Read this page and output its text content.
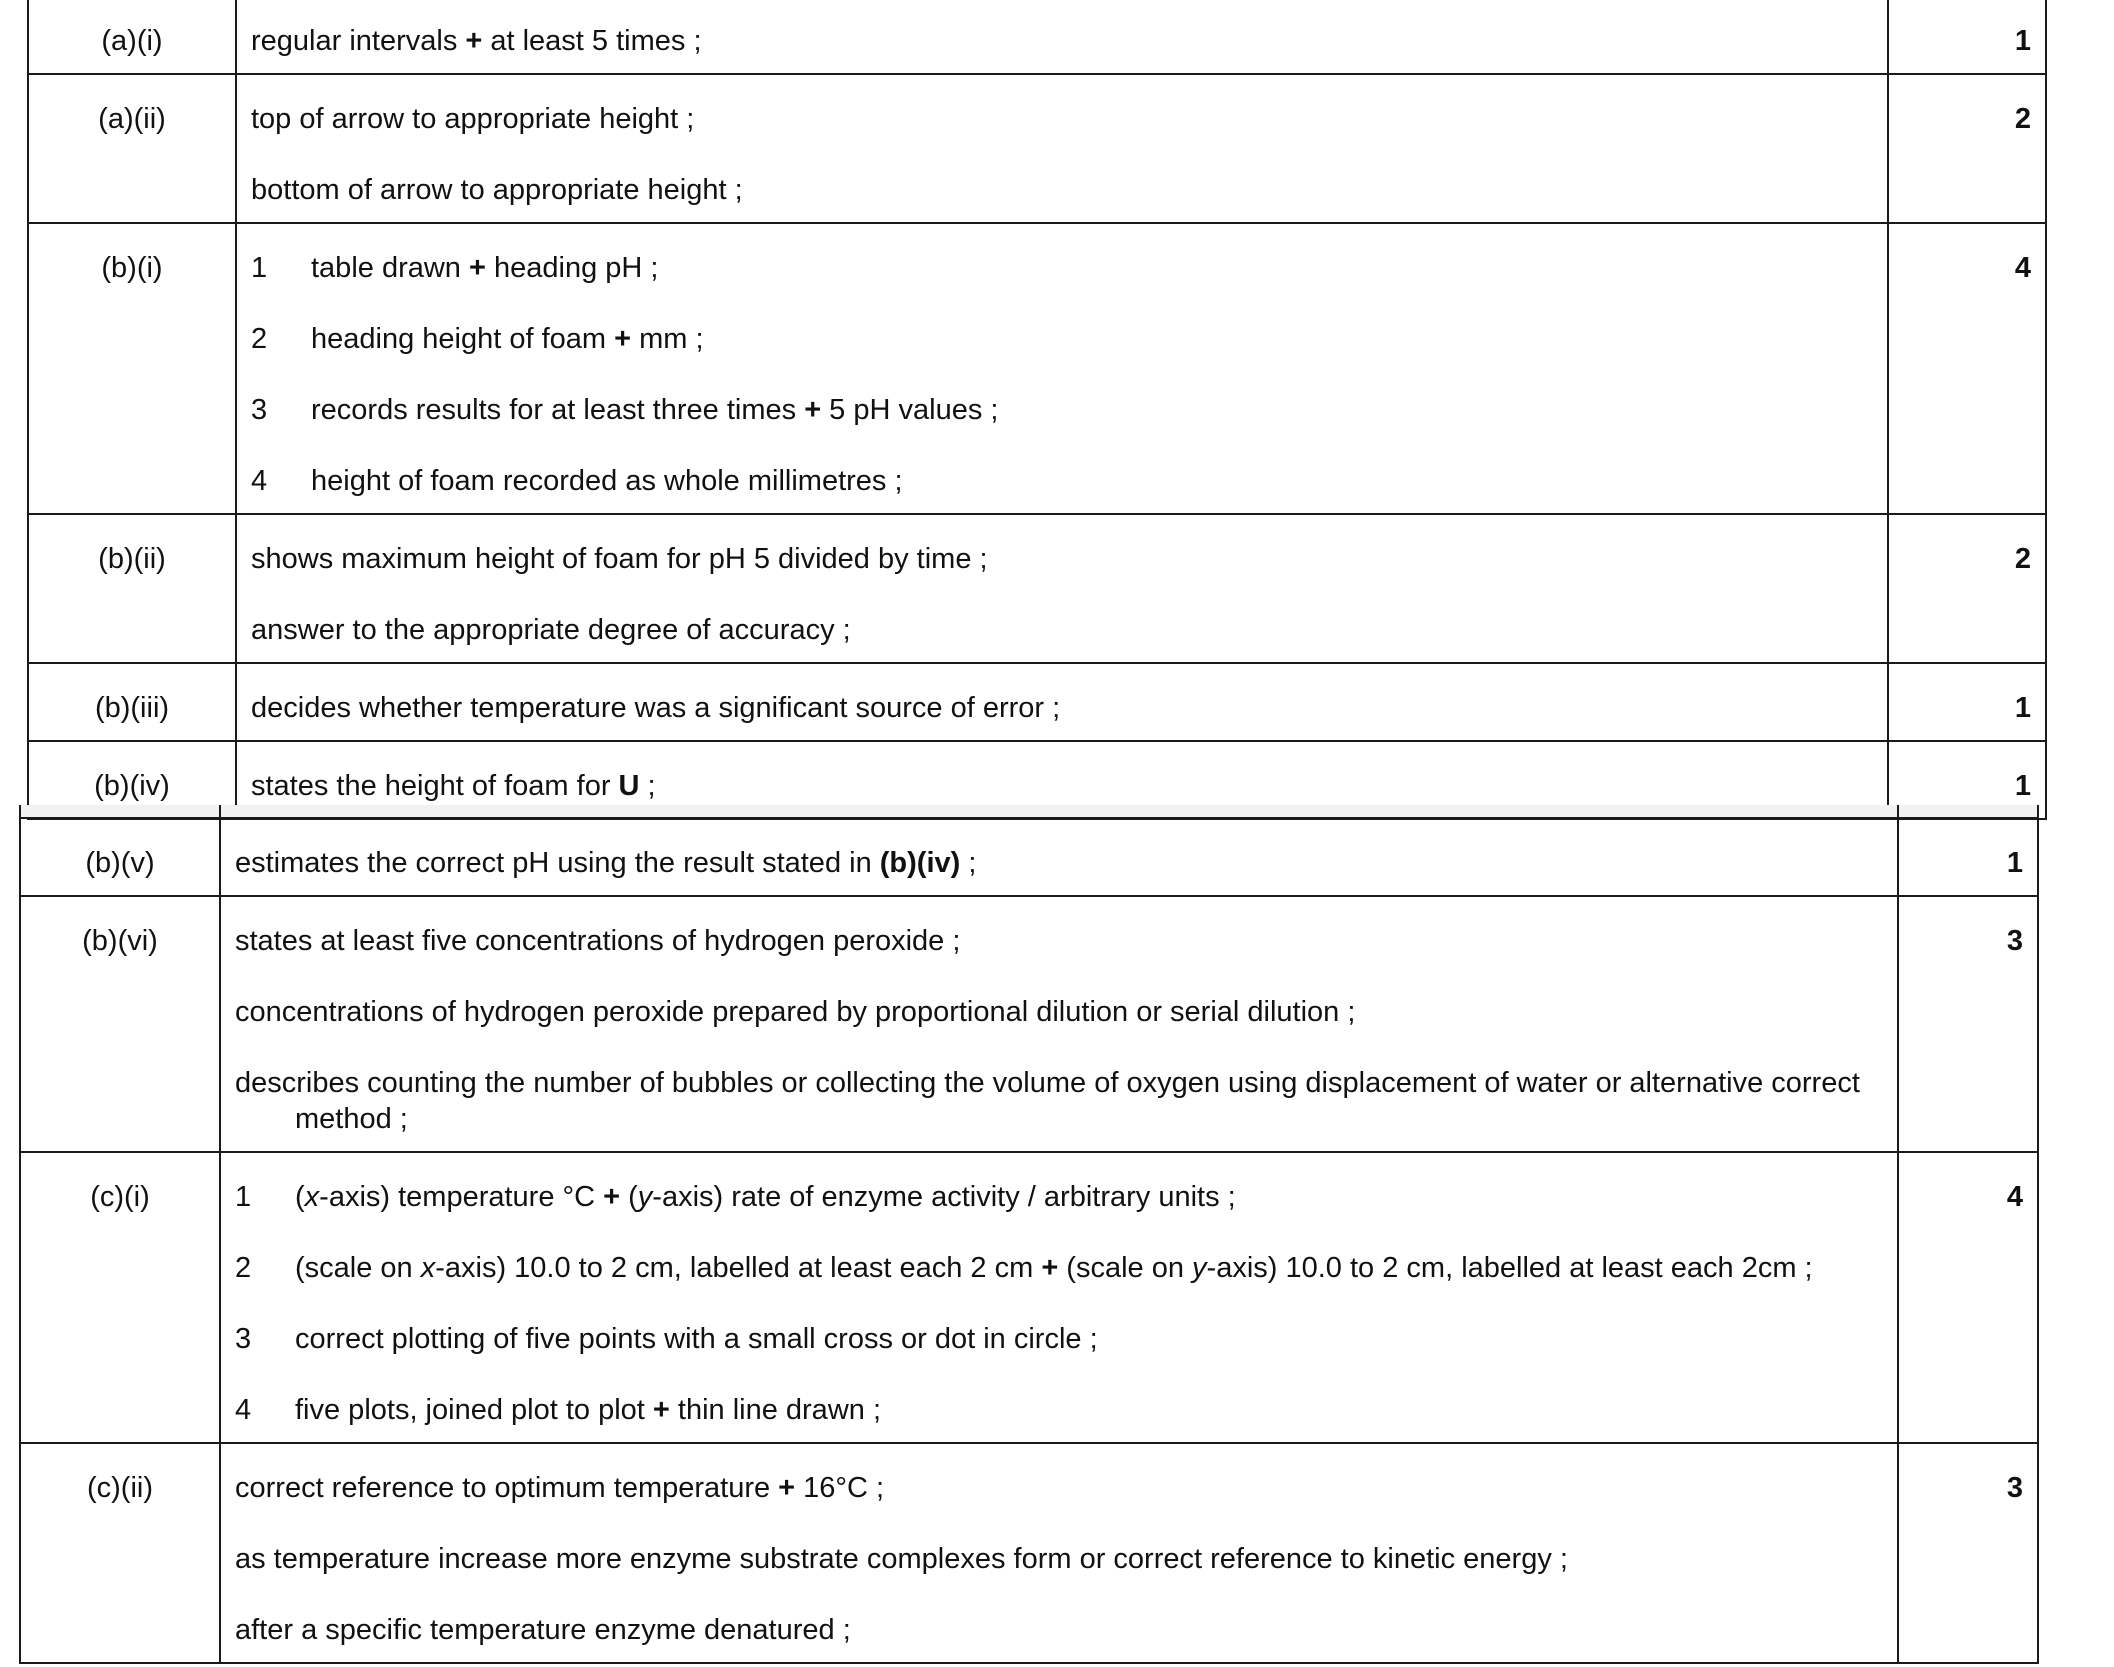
(a)(i)	regular intervals + at least 5 times ;	1
(a)(ii)	top of arrow to appropriate height ;
bottom of arrow to appropriate height ;	2
(b)(i)	1 table drawn + heading pH ;
2 heading height of foam + mm ;
3 records results for at least three times + 5 pH values ;
4 height of foam recorded as whole millimetres ;	4
(b)(ii)	shows maximum height of foam for pH 5 divided by time ;
answer to the appropriate degree of accuracy ;	2
(b)(iii)	decides whether temperature was a significant source of error ;	1
(b)(iv)	states the height of foam for U ;	1

(b)(v)	estimates the correct pH using the result stated in (b)(iv) ;	1
(b)(vi)	states at least five concentrations of hydrogen peroxide ;
concentrations of hydrogen peroxide prepared by proportional dilution or serial dilution ;
describes counting the number of bubbles or collecting the volume of oxygen using displacement of water or alternative correct method ;	3
(c)(i)	1 (x-axis) temperature °C + (y-axis) rate of enzyme activity / arbitrary units ;
2 (scale on x-axis) 10.0 to 2 cm, labelled at least each 2 cm + (scale on y-axis) 10.0 to 2 cm, labelled at least each 2cm ;
3 correct plotting of five points with a small cross or dot in circle ;
4 five plots, joined plot to plot + thin line drawn ;	4
(c)(ii)	correct reference to optimum temperature + 16°C ;
as temperature increase more enzyme substrate complexes form or correct reference to kinetic energy ;
after a specific temperature enzyme denatured ;	3
